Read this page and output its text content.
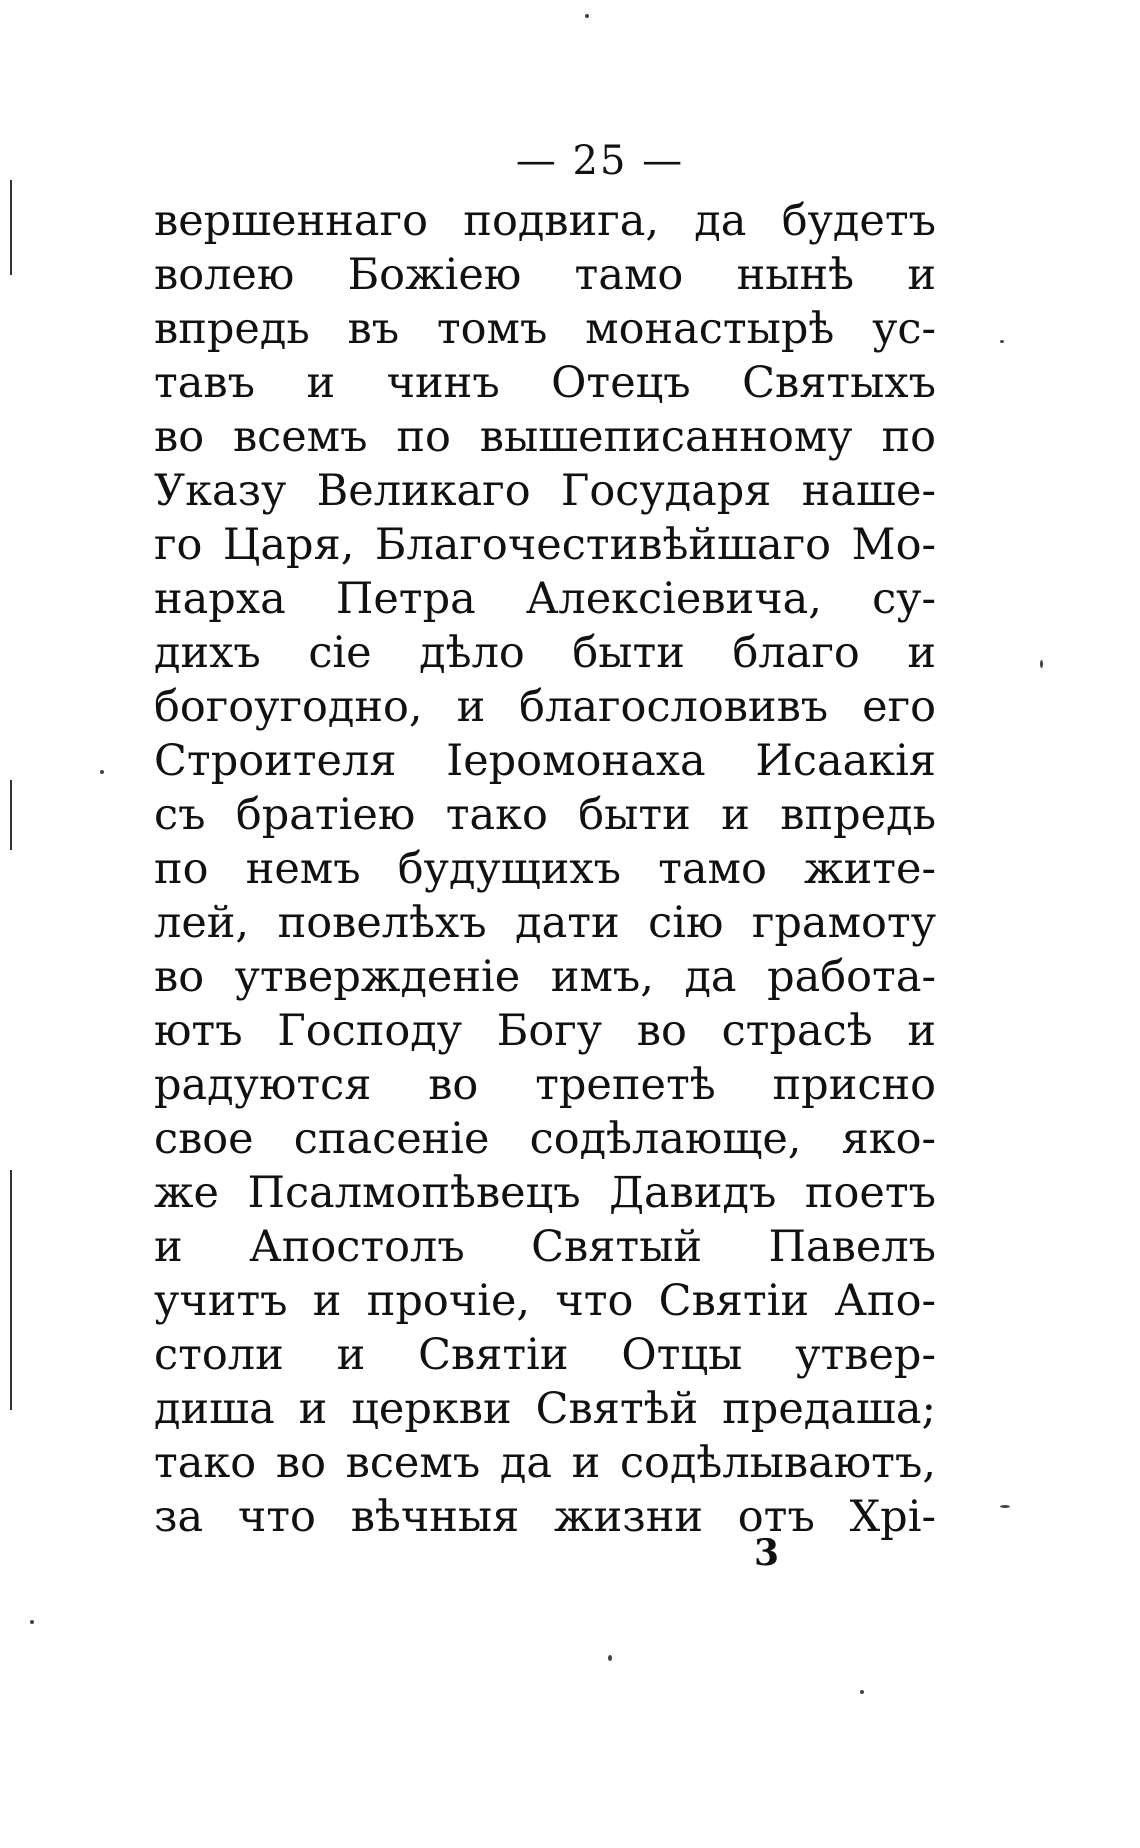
— 25 —
вершеннаго подвига, да будетъ
волею Божiею тамо нынѣ и
впредь въ томъ монастырѣ ус-
тавъ и чинъ Отецъ Святыхъ
во всемъ по вышеписанному по
Указу Великаго Государя наше-
го Царя, Благочестивѣйшаго Мо-
нарха Петра Алексiевича, су-
дихъ сiе дѣло быти благо и
богоугодно, и благословивъ его
Строителя Iеромонаха Исаакiя
съ братiею тако быти и впредь
по немъ будущихъ тамо жите-
лей, повелѣхъ дати сiю грамоту
во утвержденiе имъ, да работа-
ютъ Господу Богу во страсѣ и
радуются во трепетѣ присно
свое спасенiе содѣлающе, яко-
же Псалмопѣвецъ Давидъ поетъ
и Апостолъ Святый Павелъ
учитъ и прочiе, что Святiи Апо-
столи и Святiи Отцы утвер-
диша и церкви Святѣй предаша;
тако во всемъ да и содѣлываютъ,
за что вѣчныя жизни отъ Хрi-
3
